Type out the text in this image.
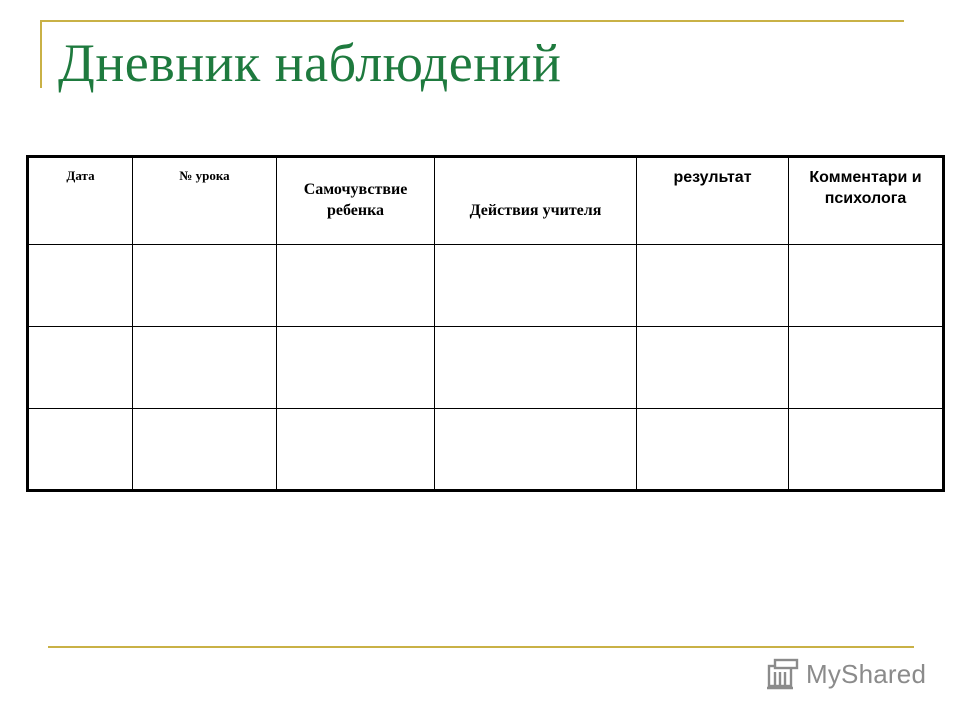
Дневник наблюдений
Дата	№ урока	Самочувствие ребенка	Действия учителя	результат	Комментари и психолога

MyShared
